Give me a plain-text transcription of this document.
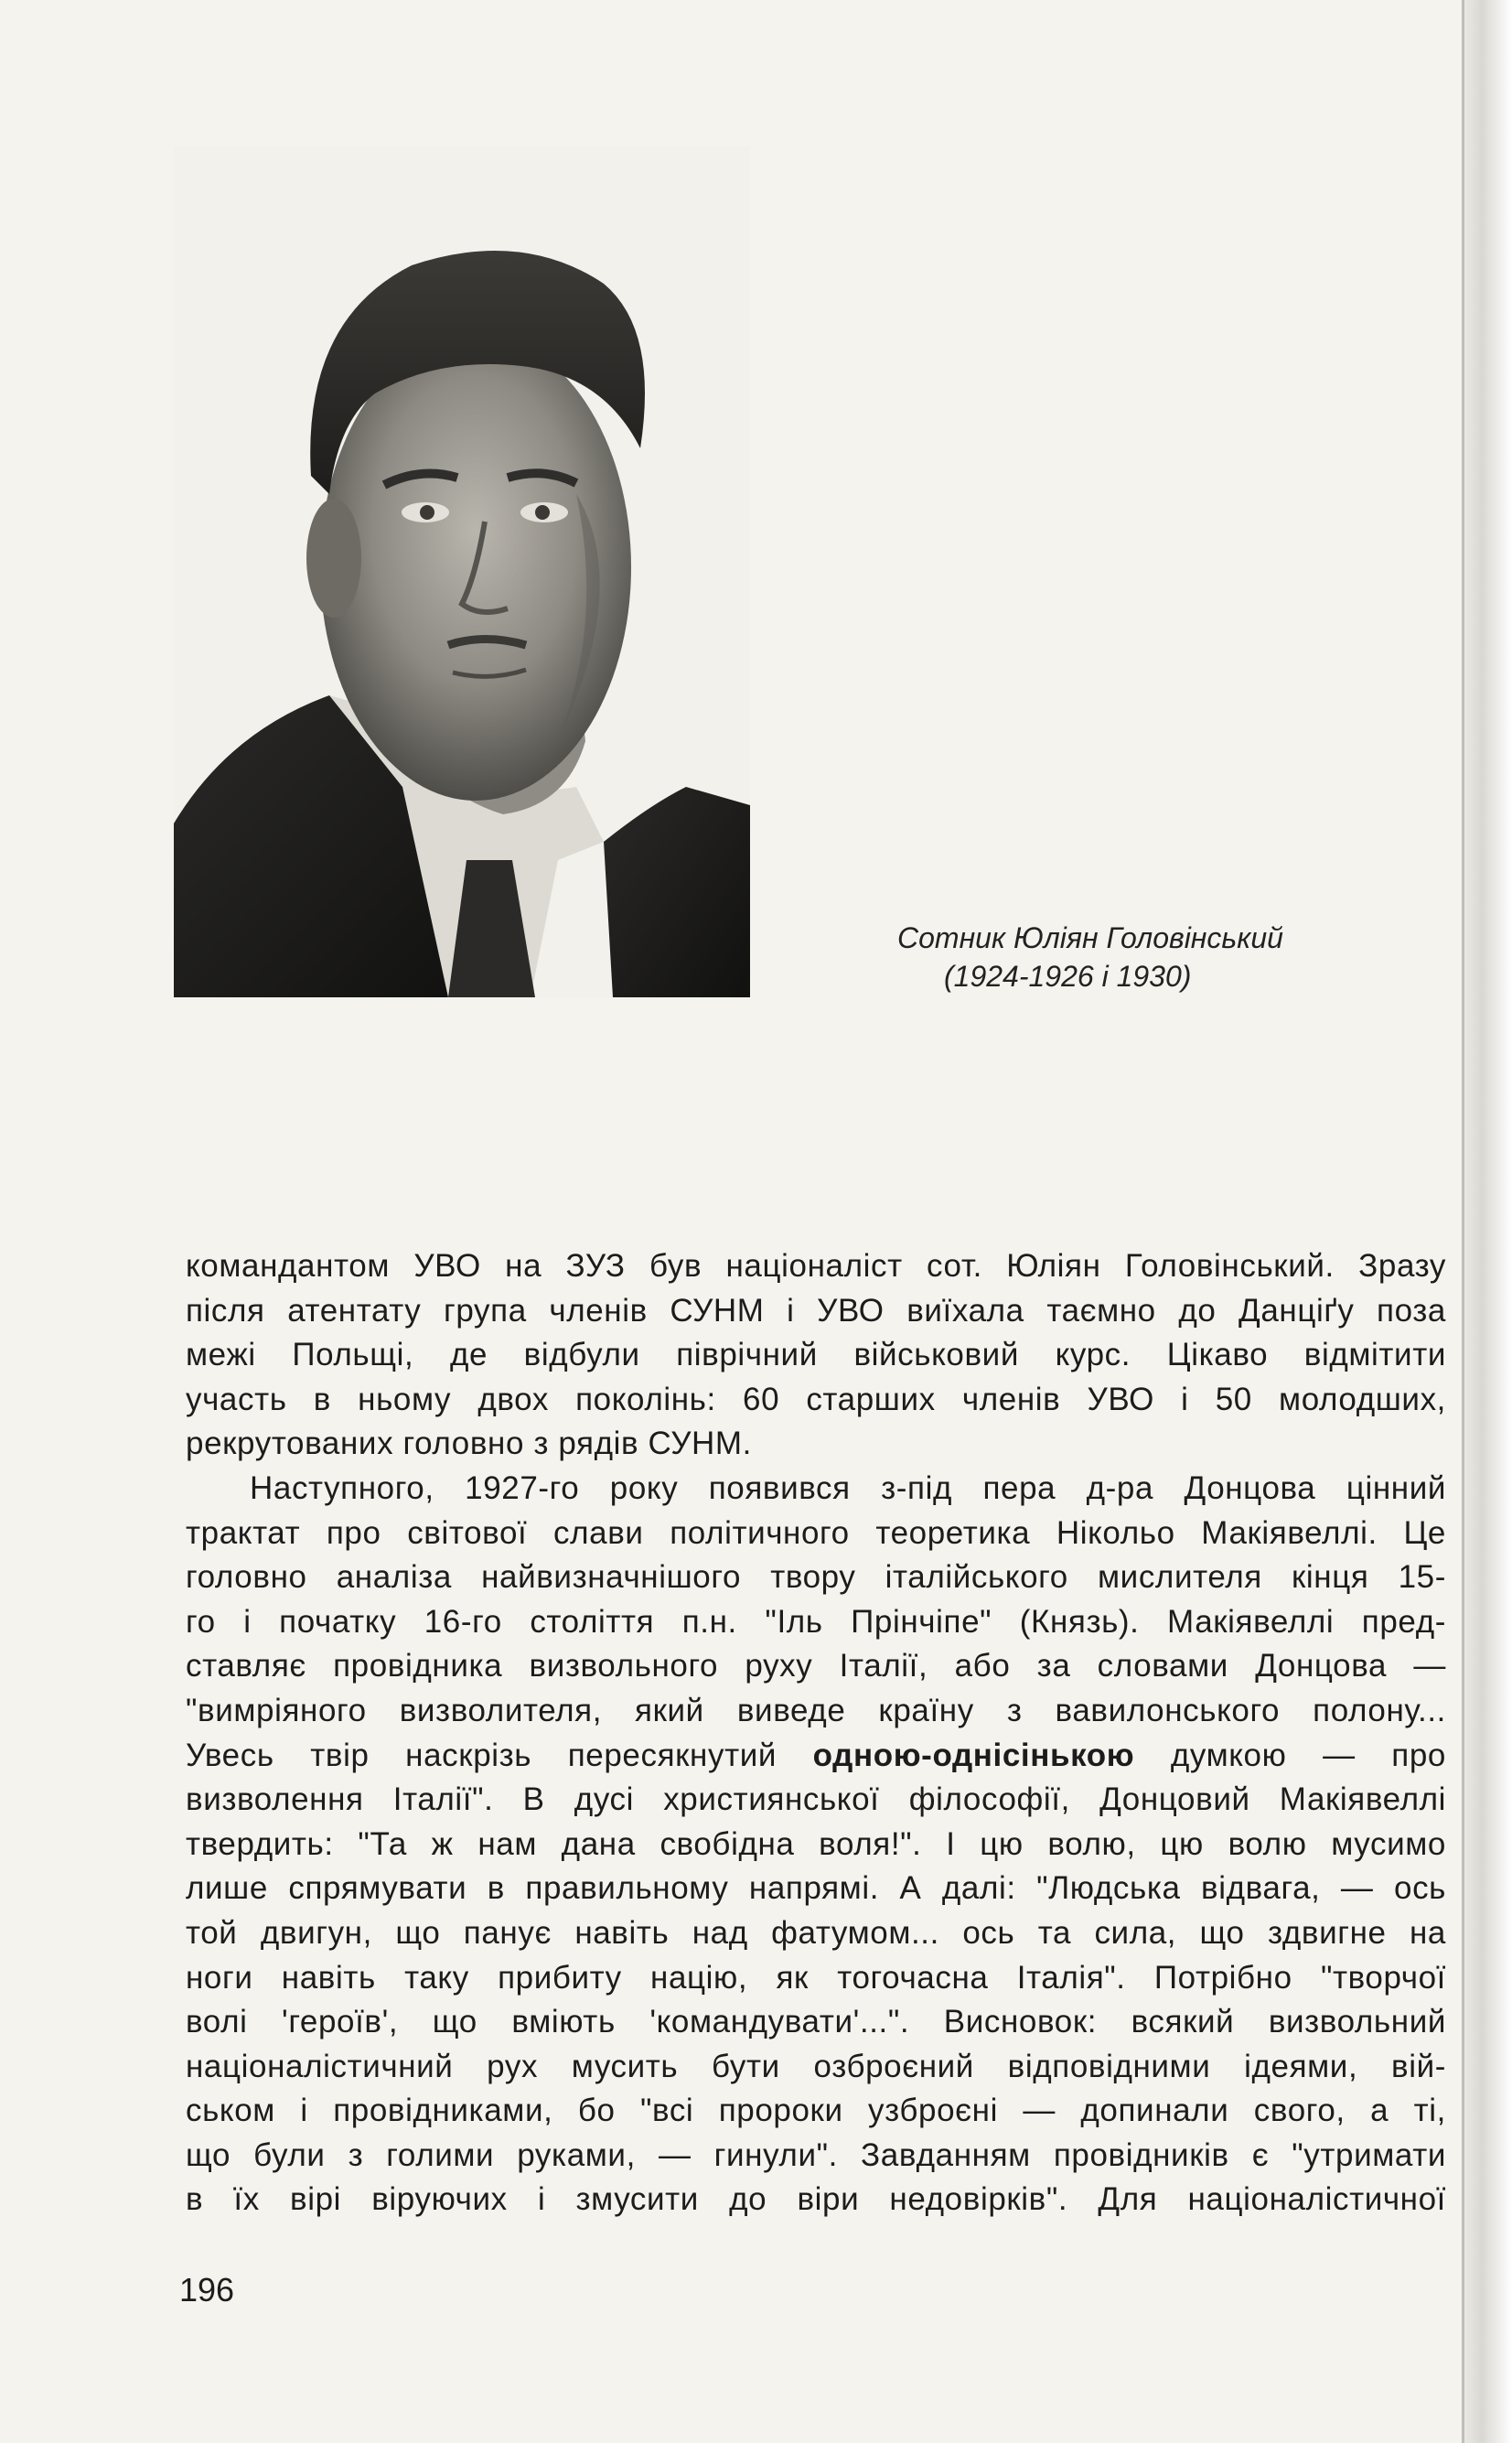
Сотник Юліян Головінський
(1924-1926 і 1930)
командантом УВО на ЗУЗ був націоналіст сот. Юліян Головінський. Зразу
після атентату група членів СУНМ і УВО виїхала таємно до Данціґу поза
межі Польщі, де відбули піврічний військовий курс. Цікаво відмітити
участь в ньому двох поколінь: 60 старших членів УВО і 50 молодших,
рекрутованих головно з рядів СУНМ.
Наступного, 1927-го року появився з-під пера д-ра Донцова цінний
трактат про світової слави політичного теоретика Нікольо Макіявеллі. Це
головно аналіза найвизначнішого твору італійського мислителя кінця 15-
го і початку 16-го століття п.н. "Іль Прінчіпе" (Князь). Макіявеллі пред-
ставляє провідника визвольного руху Італії, або за словами Донцова —
"вимріяного визволителя, який виведе країну з вавилонського полону...
Увесь твір наскрізь пересякнутий одною-однісінькою думкою — про
визволення Італії". В дусі християнської філософії, Донцовий Макіявеллі
твердить: "Та ж нам дана свобідна воля!". І цю волю, цю волю мусимо
лише спрямувати в правильному напрямі. А далі: "Людська відвага, — ось
той двигун, що панує навіть над фатумом... ось та сила, що здвигне на
ноги навіть таку прибиту націю, як тогочасна Італія". Потрібно "творчої
волі 'героїв', що вміють 'командувати'...". Висновок: всякий визвольний
націоналістичний рух мусить бути озброєний відповідними ідеями, вій-
ськом і провідниками, бо "всі пророки узброєні — допинали свого, а ті,
що були з голими руками, — гинули". Завданням провідників є "утримати
в їх вірі віруючих і змусити до віри недовірків". Для націоналістичної
196
